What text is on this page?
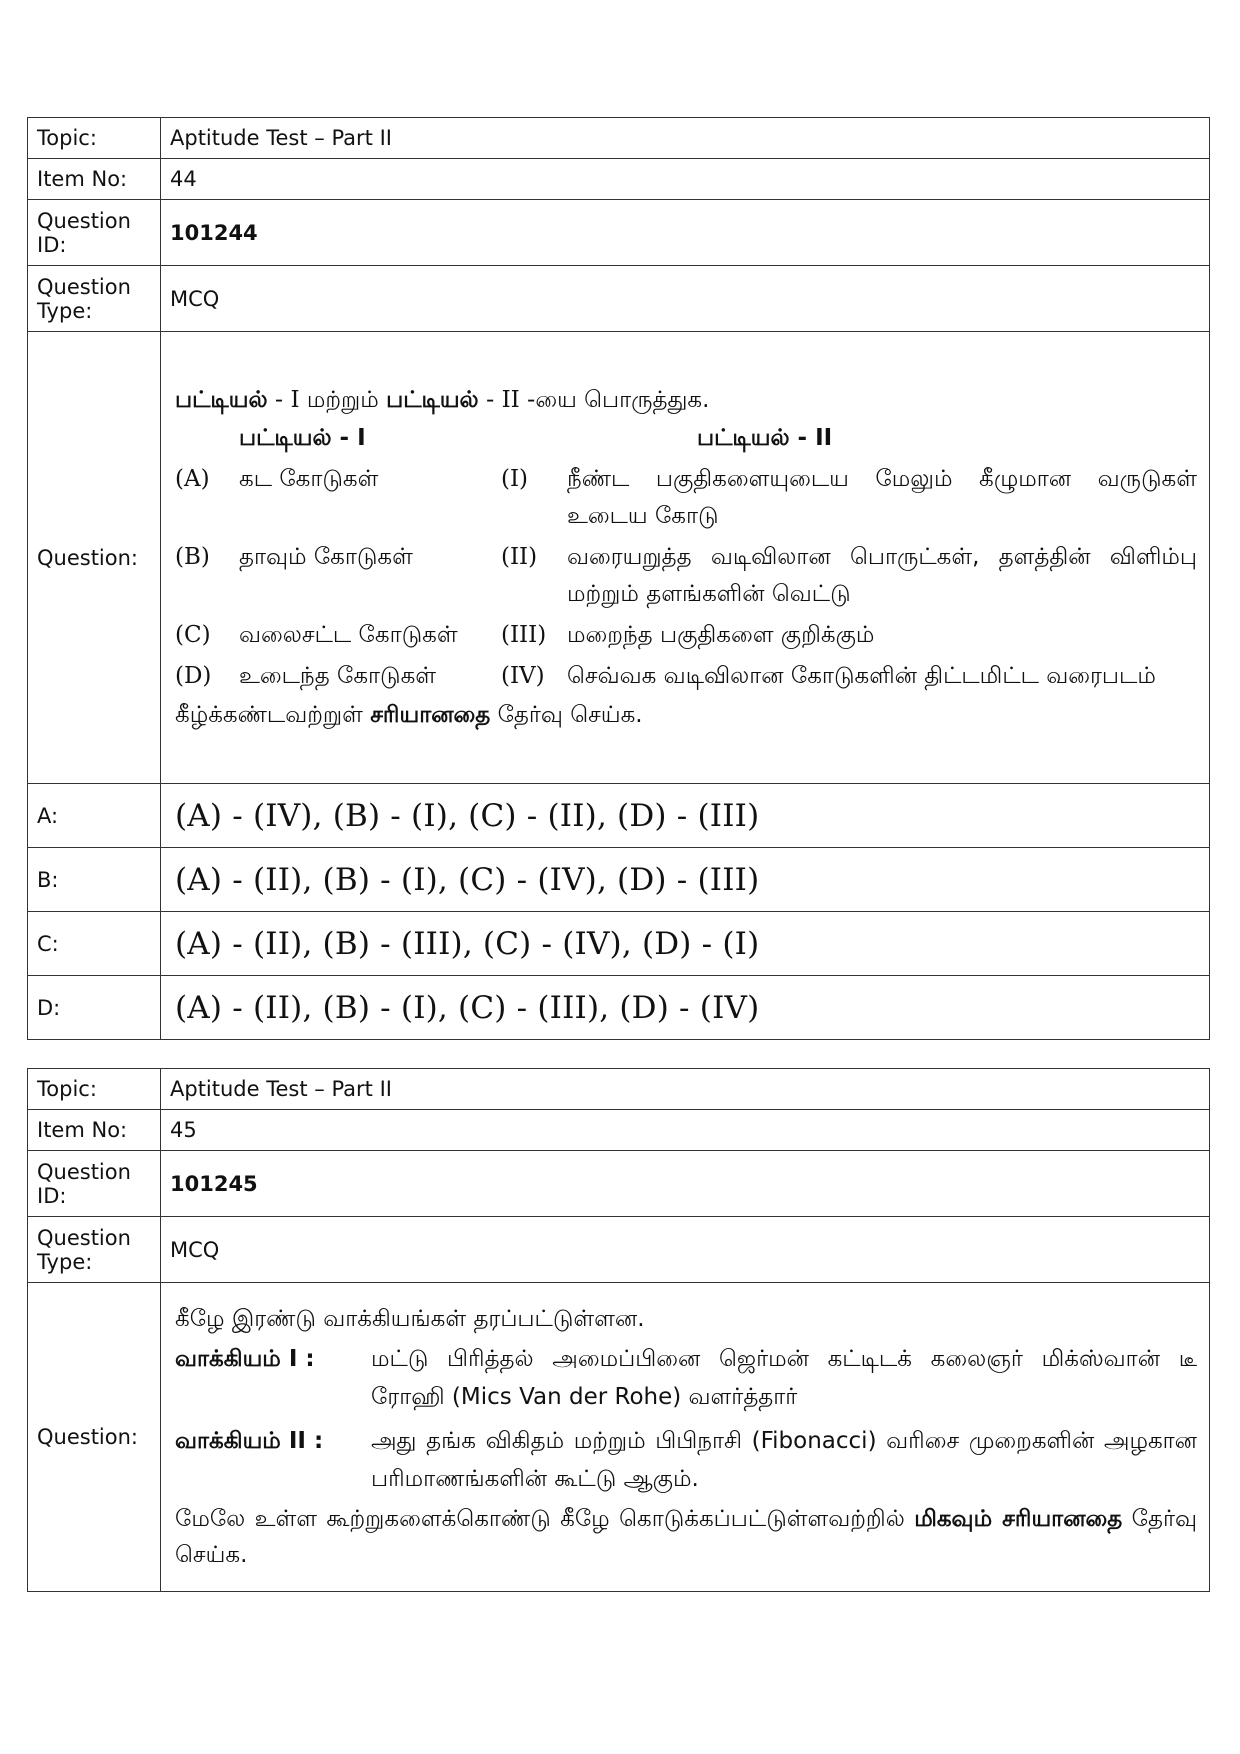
Topic:	Aptitude Test – Part II
Item No:	44
Question ID:	101244
Question Type:	MCQ
Question:	

பட்டியல் - I மற்றும் பட்டியல் - II -யை பொருத்துக.

	பட்டியல் - I		பட்டியல் - II
(A)	கட கோடுகள்	(I)	நீண்ட பகுதிகளையுடைய மேலும் கீழுமான வருடுகள் உடைய கோடு
(B)	தாவும் கோடுகள்	(II)	வரையறுத்த வடிவிலான பொருட்கள், தளத்தின் விளிம்பு மற்றும் தளங்களின் வெட்டு
(C)	வலைசட்ட கோடுகள்	(III)	மறைந்த பகுதிகளை குறிக்கும்
(D)	உடைந்த கோடுகள்	(IV)	செவ்வக வடிவிலான கோடுகளின் திட்டமிட்ட வரைபடம்

கீழ்க்கண்டவற்றுள் சரியானதை தேர்வு செய்க.

A:	(A) - (IV), (B) - (I), (C) - (II), (D) - (III)
B:	(A) - (II), (B) - (I), (C) - (IV), (D) - (III)
C:	(A) - (II), (B) - (III), (C) - (IV), (D) - (I)
D:	(A) - (II), (B) - (I), (C) - (III), (D) - (IV)
Topic:	Aptitude Test – Part II
Item No:	45
Question ID:	101245
Question Type:	MCQ
Question:	

கீழே இரண்டு வாக்கியங்கள் தரப்பட்டுள்ளன.

வாக்கியம் I :	மட்டு பிரித்தல் அமைப்பினை ஜெர்மன் கட்டிடக் கலைஞர் மிக்ஸ்வான் டீ ரோஹி (Mics Van der Rohe) வளர்த்தார்
வாக்கியம் II :	அது தங்க விகிதம் மற்றும் பிபிநாசி (Fibonacci) வரிசை முறைகளின் அழகான பரிமாணங்களின் கூட்டு ஆகும்.

மேலே உள்ள கூற்றுகளைக்கொண்டு கீழே கொடுக்கப்பட்டுள்ளவற்றில் மிகவும் சரியானதை தேர்வு செய்க.
